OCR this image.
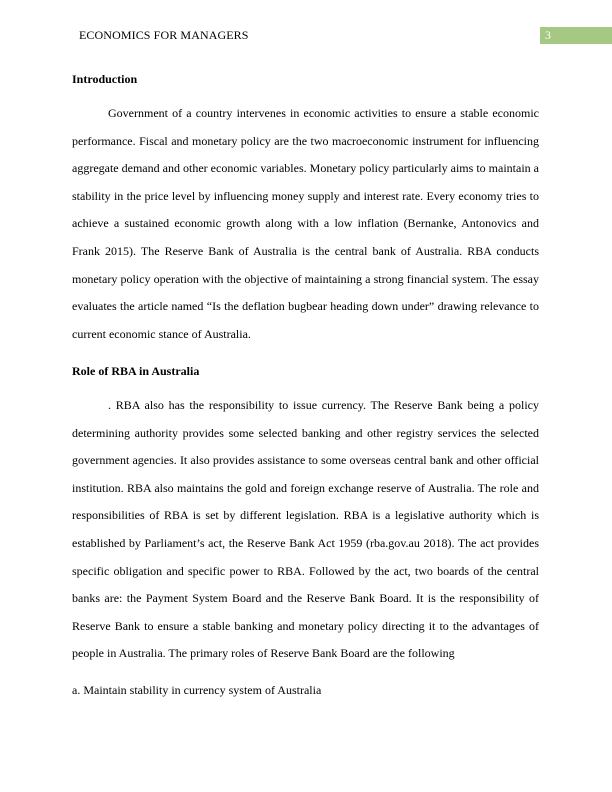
ECONOMICS FOR MANAGERS	3
Introduction

Government of a country intervenes in economic activities to ensure a stable economic performance. Fiscal and monetary policy are the two macroeconomic instrument for influencing aggregate demand and other economic variables. Monetary policy particularly aims to maintain a stability in the price level by influencing money supply and interest rate. Every economy tries to achieve a sustained economic growth along with a low inflation (Bernanke, Antonovics and Frank 2015). The Reserve Bank of Australia is the central bank of Australia. RBA conducts monetary policy operation with the objective of maintaining a strong financial system. The essay evaluates the article named “Is the deflation bugbear heading down under” drawing relevance to current economic stance of Australia.

Role of RBA in Australia

. RBA also has the responsibility to issue currency. The Reserve Bank being a policy determining authority provides some selected banking and other registry services the selected government agencies. It also provides assistance to some overseas central bank and other official institution. RBA also maintains the gold and foreign exchange reserve of Australia. The role and responsibilities of RBA is set by different legislation. RBA is a legislative authority which is established by Parliament’s act, the Reserve Bank Act 1959 (rba.gov.au 2018). The act provides specific obligation and specific power to RBA. Followed by the act, two boards of the central banks are: the Payment System Board and the Reserve Bank Board. It is the responsibility of Reserve Bank to ensure a stable banking and monetary policy directing it to the advantages of people in Australia. The primary roles of Reserve Bank Board are the following

a. Maintain stability in currency system of Australia
